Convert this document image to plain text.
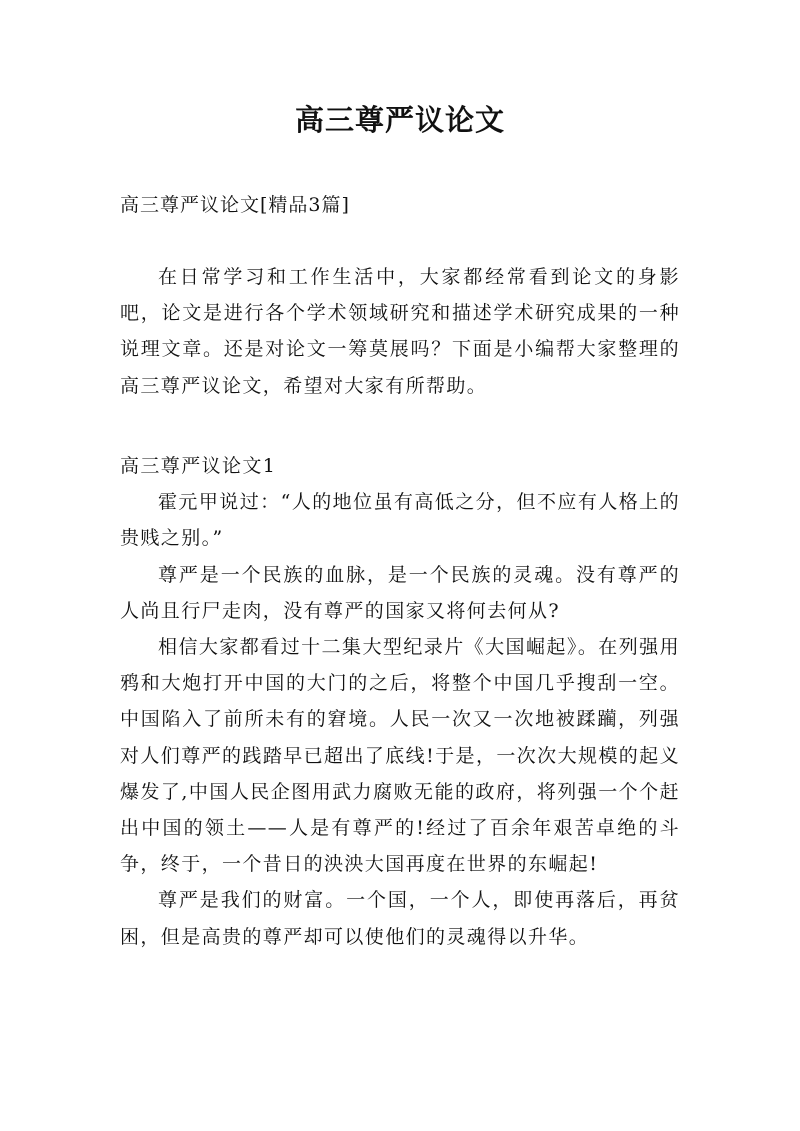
高三尊严议论文

高三尊严议论文[精品3篇]

在日常学习和工作生活中，大家都经常看到论文的身影吧，论文是进行各个学术领域研究和描述学术研究成果的一种说理文章。还是对论文一筹莫展吗？下面是小编帮大家整理的高三尊严议论文，希望对大家有所帮助。

高三尊严议论文1

霍元甲说过：“人的地位虽有高低之分，但不应有人格上的贵贱之别。”

尊严是一个民族的血脉，是一个民族的灵魂。没有尊严的人尚且行尸走肉，没有尊严的国家又将何去何从?

相信大家都看过十二集大型纪录片《大国崛起》。在列强用鸦和大炮打开中国的大门的之后，将整个中国几乎搜刮一空。中国陷入了前所未有的窘境。人民一次又一次地被蹂躏，列强对人们尊严的践踏早已超出了底线!于是，一次次大规模的起义爆发了,中国人民企图用武力腐败无能的政府，将列强一个个赶出中国的领土——人是有尊严的!经过了百余年艰苦卓绝的斗争，终于，一个昔日的泱泱大国再度在世界的东崛起!

尊严是我们的财富。一个国，一个人，即使再落后，再贫困，但是高贵的尊严却可以使他们的灵魂得以升华。
